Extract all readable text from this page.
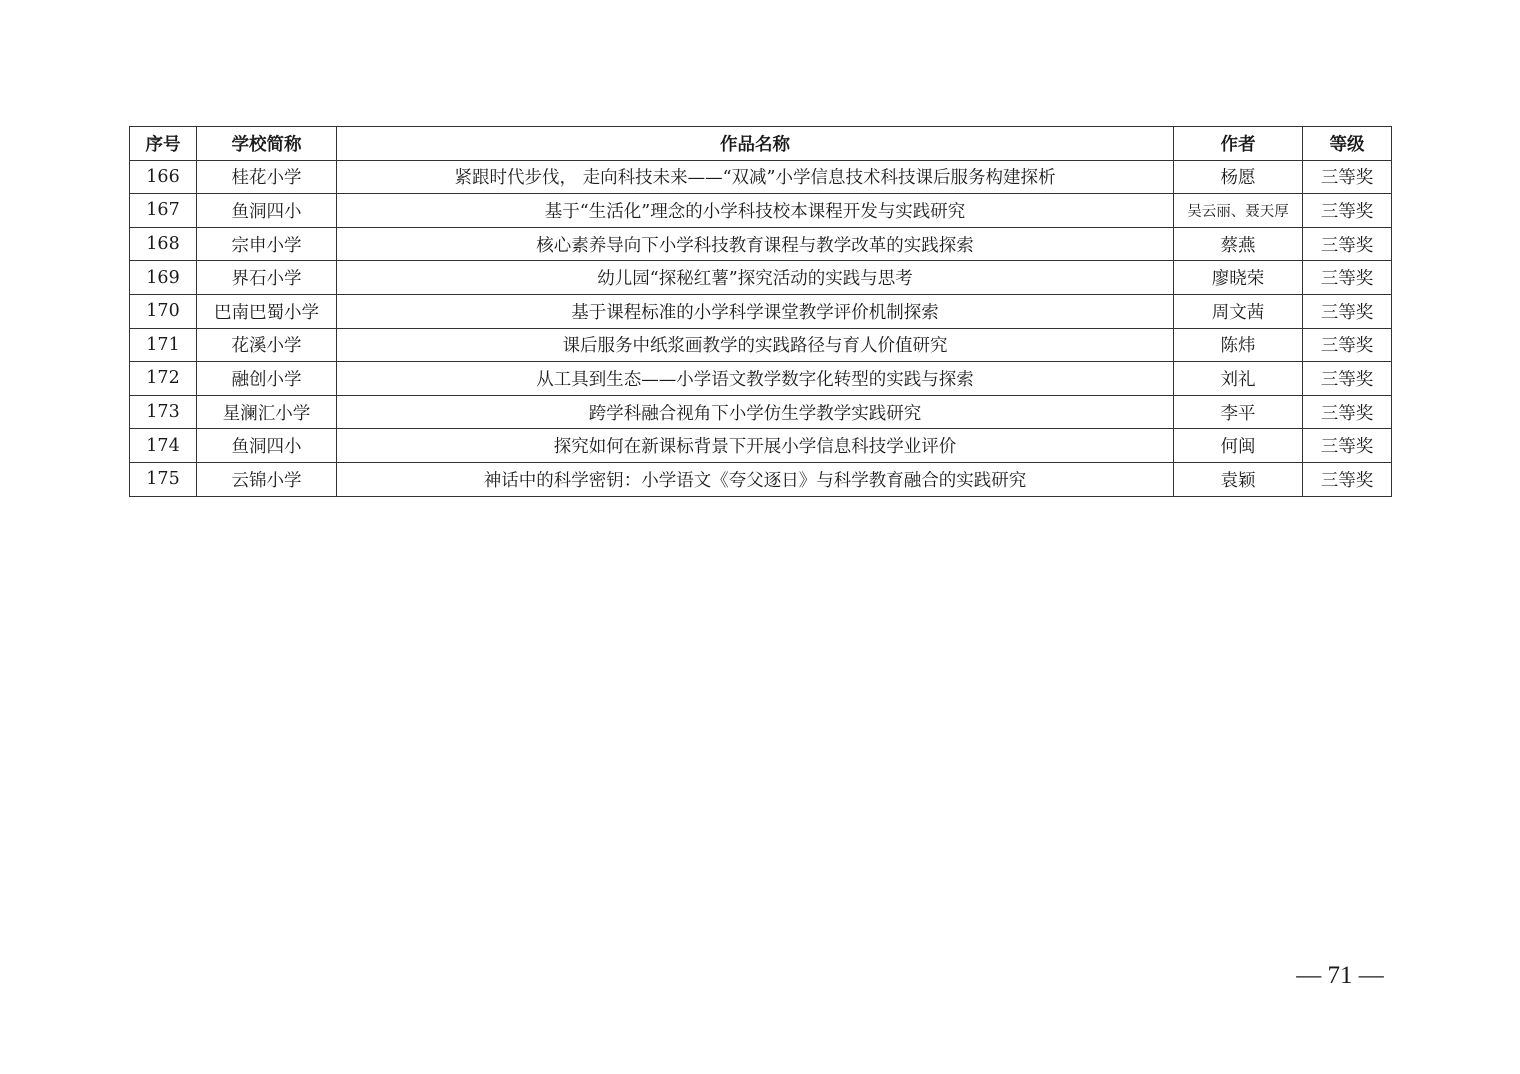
序号	学校简称	作品名称	作者	等级
166	桂花小学	紧跟时代步伐， 走向科技未来——“双减”小学信息技术科技课后服务构建探析	杨愿	三等奖
167	鱼洞四小	基于“生活化”理念的小学科技校本课程开发与实践研究	吴云丽、聂天厚	三等奖
168	宗申小学	核心素养导向下小学科技教育课程与教学改革的实践探索	蔡燕	三等奖
169	界石小学	幼儿园“探秘红薯”探究活动的实践与思考	廖晓荣	三等奖
170	巴南巴蜀小学	基于课程标准的小学科学课堂教学评价机制探索	周文茜	三等奖
171	花溪小学	课后服务中纸浆画教学的实践路径与育人价值研究	陈炜	三等奖
172	融创小学	从工具到生态——小学语文教学数字化转型的实践与探索	刘礼	三等奖
173	星澜汇小学	跨学科融合视角下小学仿生学教学实践研究	李平	三等奖
174	鱼洞四小	探究如何在新课标背景下开展小学信息科技学业评价	何闽	三等奖
175	云锦小学	神话中的科学密钥：小学语文《夸父逐日》与科学教育融合的实践研究	袁颖	三等奖
— 71 —
